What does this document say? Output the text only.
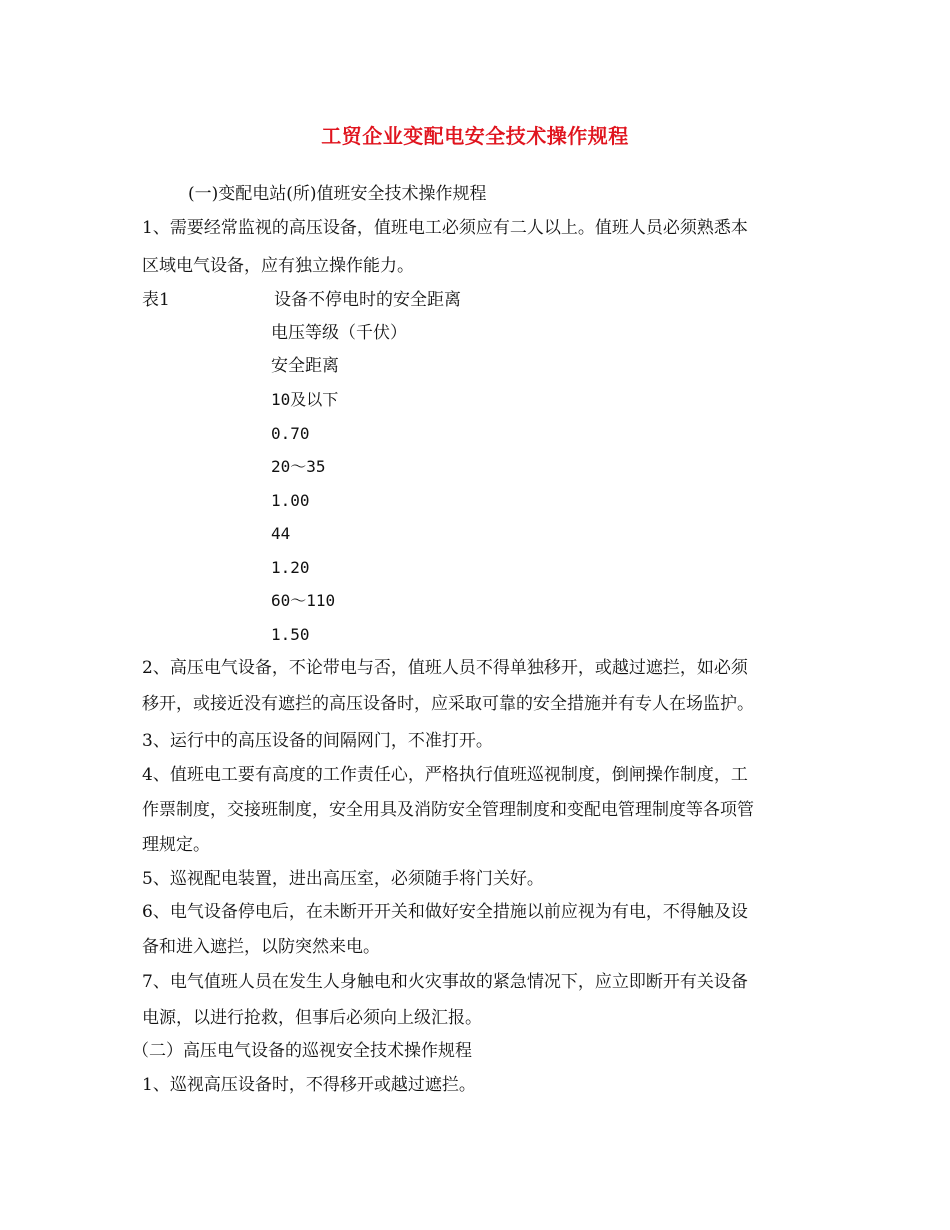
工贸企业变配电安全技术操作规程
(一)变配电站(所)值班安全技术操作规程
1、需要经常监视的高压设备，值班电工必须应有二人以上。值班人员必须熟悉本
区域电气设备，应有独立操作能力。
表1	设备不停电时的安全距离
电压等级（千伏）
安全距离
10及以下
0.70
20～35
1.00
44
1.20
60～110
1.50
2、高压电气设备，不论带电与否，值班人员不得单独移开，或越过遮拦，如必须
移开，或接近没有遮拦的高压设备时，应采取可靠的安全措施并有专人在场监护。
3、运行中的高压设备的间隔网门，不准打开。
4、值班电工要有高度的工作责任心，严格执行值班巡视制度，倒闸操作制度，工
作票制度，交接班制度，安全用具及消防安全管理制度和变配电管理制度等各项管
理规定。
5、巡视配电装置，进出高压室，必须随手将门关好。
6、电气设备停电后，在未断开开关和做好安全措施以前应视为有电，不得触及设
备和进入遮拦，以防突然来电。
7、电气值班人员在发生人身触电和火灾事故的紧急情况下，应立即断开有关设备
电源，以进行抢救，但事后必须向上级汇报。
（二）高压电气设备的巡视安全技术操作规程
1、巡视高压设备时，不得移开或越过遮拦。
